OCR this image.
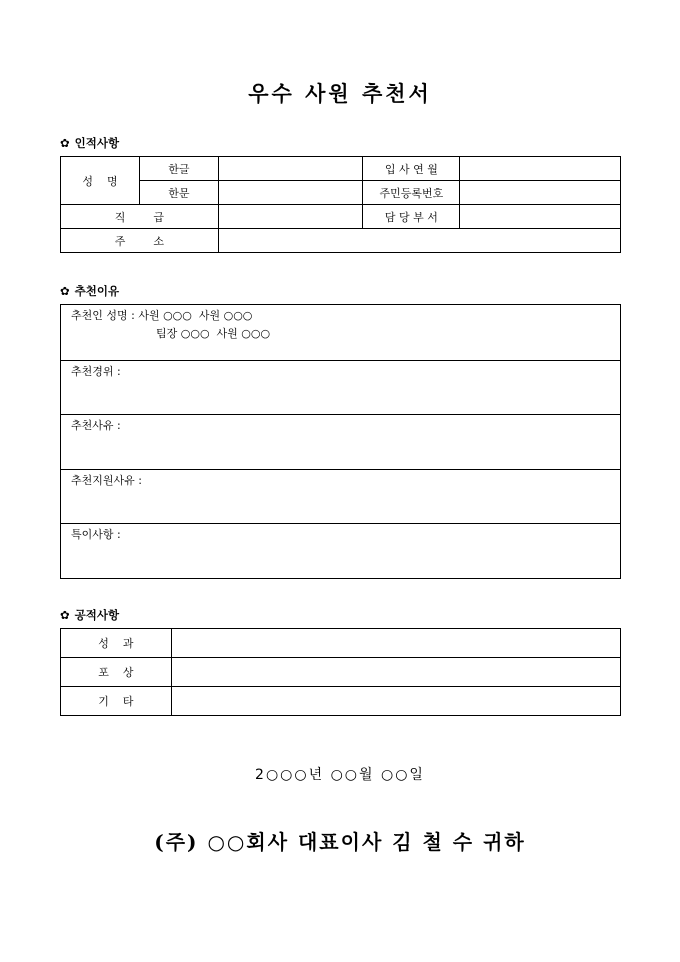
우수 사원 추천서
✿ 인적사항
성    명	한글		입 사 연 월	
	한문		주민등록번호	
직        급			담 당 부 서	
주        소				
✿ 추천이유
추천인 성명 : 사원 ○○○  사원 ○○○
팀장 ○○○  사원 ○○○
추천경위 :
추천사유 :
추천지원사유 :
특이사항 :
✿ 공적사항
성    과	
포    상	
기    타	
2○○○년 ○○월 ○○일
(주) ○○회사 대표이사 김 철 수 귀하
